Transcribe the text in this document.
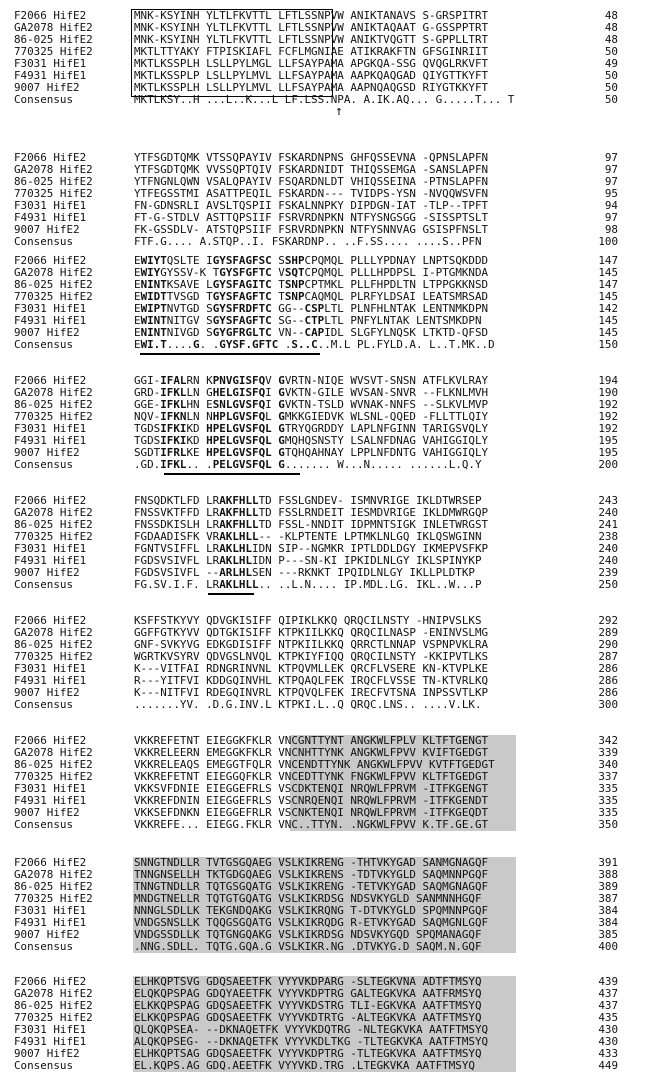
F2066 HifE2	MNK-KSYINH YLTLFKVTTL LFTLSSNPVW ANIKTANAVS S-GRSPITRT	48
GA2078 HifE2	MNK-KSYINH YLTLFKVTTL LFTLSSNPVW ANIKTAQAAT G-GSSPPTRT	48
86-025 HifE2	MNK-KSYINH YLTLFKVTTL LFTLSSNPVW ANIKTVQGTT S-GPPLLTRT	48
770325 HifE2	MKTLTTYAKY FTPISKIAFL FCFLMGNIAE ATIKRAKFTN GFSGINRIIT	50
F3031 HifE1	MKTLKSSPLH LSLLPYLMGL LLFSAYPAMA APGKQA-SSG QVQGLRKVFT	49
F4931 HifE1	MKTLKSSPLP LSLLPYLMVL LLFSAYPAMA AAPKQAQGAD QIYGTTKYFT	50
9007 HifE2	MKTLKSSPLH LSLLPYLMVL LLFSAYPAMA AAPNQAQGSD RIYGTKKYFT	50
Consensus	MKTLKSY..H ...L..K...L LF.LSS.NPA. A.IK.AQ... G.....T... T	50
F2066 HifE2	YTFSGDTQMK VTSSQPAYIV FSKARDNPNS GHFQSSEVNA -QPNSLAPFN	97
GA2078 HifE2	YTFSGDTQMK VVSSQPTQIV FSKARDNIDT THIQSSEMGA -SANSLAPFN	97
86-025 HifE2	YTFNGNLQWN VSALQPAYIV FSQARDNLDT VHIQSSEINA -PTNSLAPFN	97
770325 HifE2	YTFEGSSTMI ASATTPEQIL FSKARDN--- TVIDPS-YSN -NVQQWSVFN	95
F3031 HifE1	FN-GDNSRLI AVSLTQSPII FSKALNNPKY DIPDGN-IAT -TLP--TPFT	94
F4931 HifE1	FT-G-STDLV ASTTQPSIIF FSRVRDNPKN NTFYSNGSGG -SISSPTSLT	97
9007 HifE2	FK-GSSDLV- ATSTQPSIIF FSRVRDNPKN NTFYSNNVAG GSISPFNSLT	98
Consensus	FTF.G.... A.STQP..I. FSKARDNP.. ..F.SS.... ....S..PFN	100
F2066 HifE2	EWIYTQSLTE IGYSFAGFSC SSHPCPQMQL PLLLYPDNAY LNPTSQKDDD	147
GA2078 HifE2	EWIYGYSSV-K TGYSFGFTC VSQTCPQMQL PLLLHPDPSL I-PTGMKNDA	145
86-025 HifE2	ENINTKSAVE LGYSFAGITC TSNPCPTMKL PLLFHPDLTN LTPPGKKNSD	147
770325 HifE2	EWIDTTVSGD TGYSFAGFTC TSNPCAQMQL PLRFYLDSAI LEATSMRSAD	145
F3031 HifE1	EWIPTNVTGD SGYSFRDFTC GG--CSPLTL PLNFHLNTAK LENTNMKDPN	142
F4931 HifE1	EWINTNITGV SGYSFAGFTC SG--CTPLTL PNFYLNTAK LENTSMKDPN	145
9007 HifE2	ENINTNIVGD SGYGFRGLTC VN--CAPIDL SLGFYLNQSK LTKTD-QFSD	145
Consensus	EWI.T....G. .GYSF.GFTC .S..C..M.L PL.FYLD.A. L..T.MK..D	150
F2066 HifE2	GGI-IFALRN KPNVGISFQV GVRTN-NIQE WVSVT-SNSN ATFLKVLRAY	194
GA2078 HifE2	GRD-IFKLLN GHELGISFQI GVKTN-GILE WVSAN-SNVR --FLKNLMVH	190
86-025 HifE2	GGE-IFKLHN ESNLGVSFQI GVKTN-TSLD WVNAK-NNFS --SLKVLMVP	192
770325 HifE2	NQV-IFKNLN NHPLGVSFQL GMKKGIEDVK WLSNL-QQED -FLLTTLQIY	192
F3031 HifE1	TGDSIFKIKD HPELGVSFQL GTRYQGRDDY LAPLNFGINN TARIGSVQLY	192
F4931 HifE1	TGDSIFKIKD HPELGVSFQL GMQHQSNSTY LSALNFDNAG VAHIGGIQLY	195
9007 HifE2	SGDTIFRLKE HPELGVSFQL GTQHQAHNAY LPPLNFDNTG VAHIGGIQLY	195
Consensus	.GD.IFKL.. .PELGVSFQL G....... W...N..... ......L.Q.Y	200
F2066 HifE2	FNSQDKTLFD LRAKFHLLTD FSSLGNDEV- ISMNVRIGE IKLDTWRSEP	243
GA2078 HifE2	FNSSVKTFFD LRAKFHLLTD FSSLRNDEIT IESMDVRIGE IKLDMWRGQP	240
86-025 HifE2	FNSSDKISLH LRAKFHLLTD FSSL-NNDIT IDPMNTSIGK INLETWRGST	241
770325 HifE2	FGDAADISFK VRAKLHLL-- -KLPTENTE LPTMKLNLGQ IKLQSWGINN	238
F3031 HifE1	FGNTVSIFFL LRAKLHLIDN SIP--NGMKR IPTLDDLDGY IKMEPVSFKP	240
F4931 HifE1	FGDSVSIVFL LRAKLHLIDN P---SN-KI IPKIDLNLGY IKLSPINYKP	240
9007 HifE2	FGDSVSIVFL --ARLHLSEN ---RKNKT IPQIDLNLGY IKLLPLDTKP	239
Consensus	FG.SV.I.F. LRAKLHLL.. ..L.N.... IP.MDL.LG. IKL..W...P	250
F2066 HifE2	KSFFSTKYVY QDVGKISIFF QIPIKLKKQ QRQCILNSTY -HNIPVSLKS	292
GA2078 HifE2	GGFFGTKYVV QDTGKISIFF KTPKIILKKQ QRQCILNASP -ENINVSLMG	289
86-025 HifE2	GNF-SVKYVG EDKGDISIFF NTPKIILKKQ QRRCTLNNAP VSPNPVKLRA	290
770325 HifE2	WGRTKVSYRV QDVGSLNVQL KTPKIYFIQQ QRQCILNSTY -KKIPVTLKS	287
F3031 HifE1	K---VITFAI RDNGRINVNL KTPQVMLLEK QRCFLVSERE KN-KTVPLKE	286
F4931 HifE1	R---YITFVI KDDGQINVHL KTPQAQLFEK IRQCFLVSSE TN-KTVRLKQ	286
9007 HifE2	K---NITFVI RDEGQINVRL KTPQVQLFEK IRECFVTSNA INPSSVTLKP	286
Consensus	.......YV. .D.G.INV.L KTPKI.L..Q QRQC.LNS.. ....V.LK.	300
F2066 HifE2	VKKREFETNT EIEGGKFKLR VNCGNTTYNT ANGKWLFPLV KLTFTGENGT	342
GA2078 HifE2	VKKRELEERN EMEGGKFKLR VNCNHTTYNK ANGKWLFPVV KVIFTGEDGT	339
86-025 HifE2	VKKRELEAQS EMEGGTFQLR VNCENDTTYNK ANGKWLFPVV KVTFTGEDGT	340
770325 HifE2	VKKREFETNT EIEGGQFKLR VNCEDTTYNK FNGKWLFPVV KLTFTGEDGT	337
F3031 HifE1	VKKSVFDNIE EIEGGEFRLS VSCDKTENQI NRQWLFPRVM -ITFKGENGT	335
F4931 HifE1	VKKREFDNIN EIEGGEFRLS VSCNRQENQI NRQWLFPRVM -ITFKGENDT	335
9007 HifE2	VKKSEFDNKN EIEGGEFRLR VSCNKTENQI NRQWLFPRVM -ITFKGEQDT	335
Consensus	VKKREFE... EIEGG.FKLR VNC..TTYN. .NGKWLFPVV K.TF.GE.GT	350
F2066 HifE2	SNNGTNDLLR TVTGSGQAEG VSLKIKRENG -THTVKYGAD SANMGNAGQF	391
GA2078 HifE2	TNNGNSELLH TKTGDGQAEG VSLKIKRENS -TDTVKYGLD SAQMNNPGQF	388
86-025 HifE2	TNNGTNDLLR TQTGSGQATG VSLKIKRENG -TETVKYGAD SAQMGNAGQF	389
770325 HifE2	MNDGTNELLR TQTGTGQATG VSLKIKRDSG NDSVKYGLD SANMNNHGQF	387
F3031 HifE1	NNNGLSDLLK TEKGNDQAKG VSLKIKRQNG T-DTVKYGLD SPQMNNPGQF	384
F4931 HifE1	VNDGSNSLLK TQQGSGQATG VSLKIKRQDG R-ETVKYGAD SAQMGNLGQF	384
9007 HifE2	VNDGSSDLLK TQTGNGQAKG VSLKIKRDSG NDSVKYGQD SPQMANAGQF	385
Consensus	.NNG.SDLL. TQTG.GQA.G VSLKIKR.NG .DTVKYG.D SAQM.N.GQF	400
F2066 HifE2	ELHKQPTSVG GDQSAEETFK VYYVKDPARG -SLTEGKVNA ADTFTMSYQ	439
GA2078 HifE2	ELQKQPSPAG GDQYAEETFK VYYVKDPTRG GALTEGKVKA AATFRMSYQ	437
86-025 HifE2	ELKKQPSPAG GDQSAEETFK VYYVKDSTRG TLI-EGKVKA AATFTMSYQ	437
770325 HifE2	ELKKQPSPAG GDQSAEETFK VYYVKDTRTG -ALTEGKVKA AATFTMSYQ	435
F3031 HifE1	QLQKQPSEA- --DKNAQETFK VYYVKDQTRG -NLTEGKVKA AATFTMSYQ	430
F4931 HifE1	ALQKQPSEG- --DKNAQETFK VYYVKDLTKG -TLTEGKVKA AATFTMSYQ	430
9007 HifE2	ELHKQPTSAG GDQSAEETFK VYYVKDPTRG -TLTEGKVKA AATFTMSYQ	433
Consensus	EL.KQPS.AG GDQ.AEETFK VYYVKD.TRG .LTEGKVKA AATFTMSYQ	449
↑
